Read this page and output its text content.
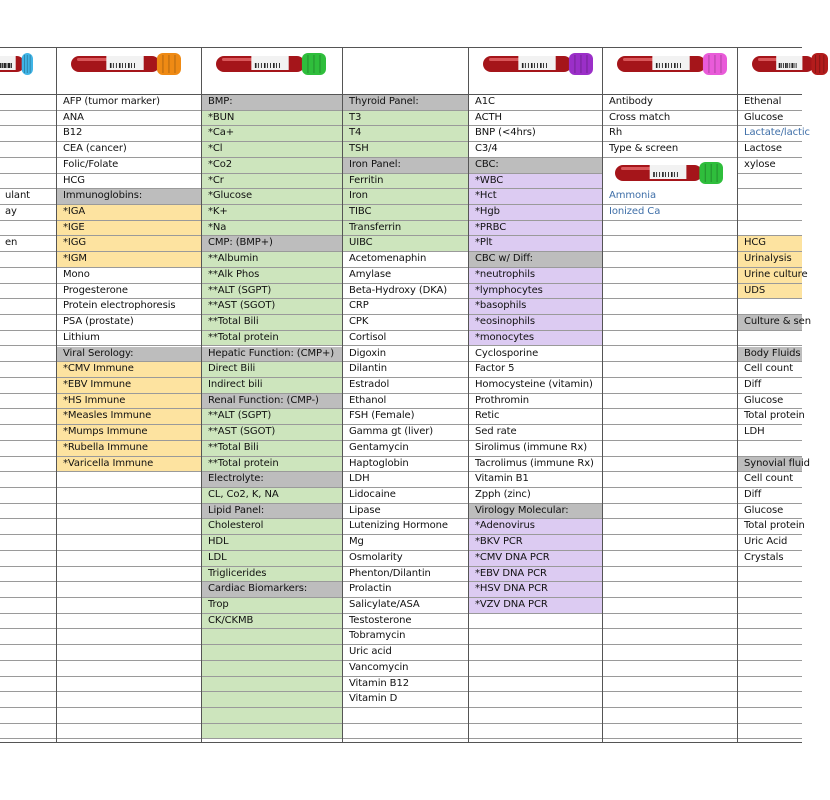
ulant
ay
en
AFP (tumor marker)
ANA
B12
CEA (cancer)
Folic/Folate
HCG
Immunoglobins:
*IGA
*IGE
*IGG
*IGM
Mono
Progesterone
Protein electrophoresis
PSA (prostate)
Lithium
Viral Serology:
*CMV Immune
*EBV Immune
*HS Immune
*Measles Immune
*Mumps Immune
*Rubella Immune
*Varicella Immune
BMP:
*BUN
*Ca+
*Cl
*Co2
*Cr
*Glucose
*K+
*Na
CMP: (BMP+)
**Albumin
**Alk Phos
**ALT (SGPT)
**AST (SGOT)
**Total Bili
**Total protein
Hepatic Function: (CMP+)
Direct Bili
Indirect bili
Renal Function: (CMP-)
**ALT (SGPT)
**AST (SGOT)
**Total Bili
**Total protein
Electrolyte:
CL, Co2, K, NA
Lipid Panel:
Cholesterol
HDL
LDL
Triglicerides
Cardiac Biomarkers:
Trop
CK/CKMB
Thyroid Panel:
T3
T4
TSH
Iron Panel:
Ferritin
Iron
TIBC
Transferrin
UIBC
Acetomenaphin
Amylase
Beta-Hydroxy (DKA)
CRP
CPK
Cortisol
Digoxin
Dilantin
Estradol
Ethanol
FSH (Female)
Gamma gt (liver)
Gentamycin
Haptoglobin
LDH
Lidocaine
Lipase
Lutenizing Hormone
Mg
Osmolarity
Phenton/Dilantin
Prolactin
Salicylate/ASA
Testosterone
Tobramycin
Uric acid
Vancomycin
Vitamin B12
Vitamin D
A1C
ACTH
BNP (<4hrs)
C3/4
CBC:
*WBC
*Hct
*Hgb
*PRBC
*Plt
CBC w/ Diff:
*neutrophils
*lymphocytes
*basophils
*eosinophils
*monocytes
Cyclosporine
Factor 5
Homocysteine (vitamin)
Prothromin
Retic
Sed rate
Sirolimus (immune Rx)
Tacrolimus (immune Rx)
Vitamin B1
Zpph (zinc)
Virology Molecular:
*Adenovirus
*BKV PCR
*CMV DNA PCR
*EBV DNA PCR
*HSV DNA PCR
*VZV DNA PCR
Antibody
Cross match
Rh
Type & screen
Ammonia
Ionized Ca
Ethenal
Glucose
Lactate/lactic
Lactose
xylose
HCG
Urinalysis
Urine culture
UDS
Culture & sen
Body Fluids
Cell count
Diff
Glucose
Total protein
LDH
Synovial fluid
Cell count
Diff
Glucose
Total protein
Uric Acid
Crystals
